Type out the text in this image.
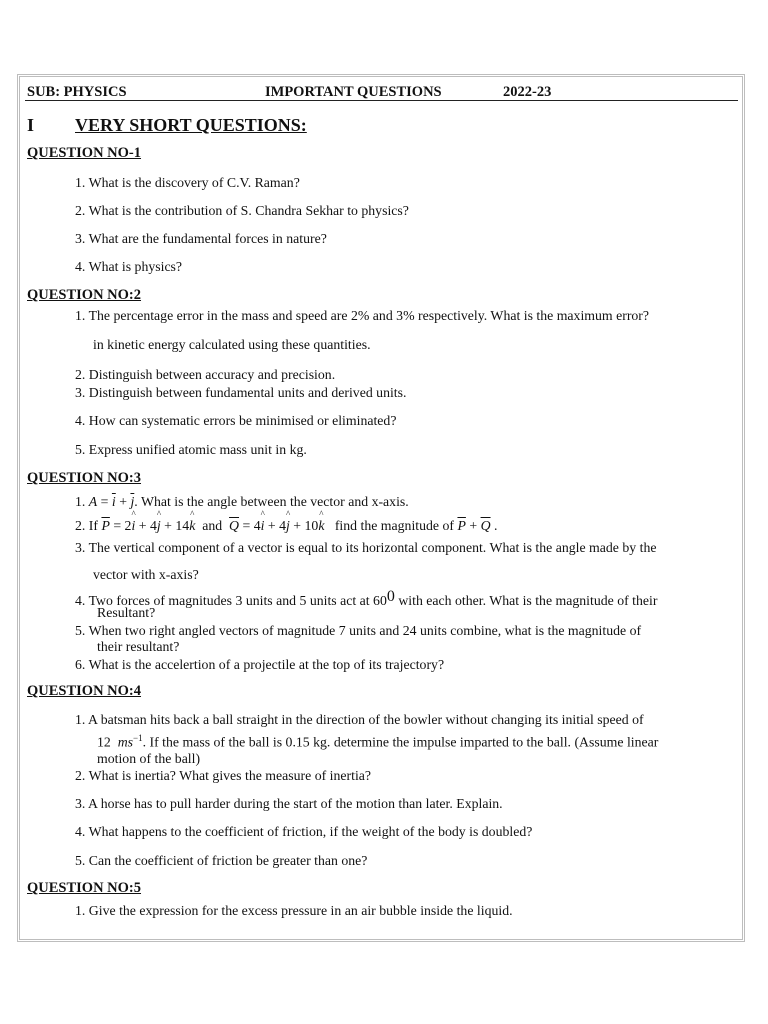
SUB: PHYSICS	IMPORTANT QUESTIONS	2022-23
I VERY SHORT QUESTIONS:
QUESTION NO-1
1. What is the discovery of C.V. Raman?
2. What is the contribution of S. Chandra Sekhar to physics?
3. What are the fundamental forces in nature?
4. What is physics?
QUESTION NO:2
1. The percentage error in the mass and speed are 2% and 3% respectively. What is the maximum error?
in kinetic energy calculated using these quantities.
2. Distinguish between accuracy and precision.
3. Distinguish between fundamental units and derived units.
4. How can systematic errors be minimised or eliminated?
5. Express unified atomic mass unit in kg.
QUESTION NO:3
1. $A = \overline{i} + \overline{j}$. What is the angle between the vector and x-axis.
2. If $\overline{P}$ = 2^ i + 4^ j + 14^ k  and  $\overline{Q}$ = 4^ i + 4^ j + 10^ k find the magnitude of $\overline{P} + \overline{Q}$ .
3. The vertical component of a vector is equal to its horizontal component. What is the angle made by the
vector with x-axis?
4. Two forces of magnitudes 3 units and 5 units act at 600 with each other. What is the magnitude of their
Resultant?
5. When two right angled vectors of magnitude 7 units and 24 units combine, what is the magnitude of
their resultant?
6. What is the accelertion of a projectile at the top of its trajectory?
QUESTION NO:4
1. A batsman hits back a ball straight in the direction of the bowler without changing its initial speed of
12  $ms^{-1}$. If the mass of the ball is 0.15 kg. determine the impulse imparted to the ball. (Assume linear
motion of the ball)
2. What is inertia? What gives the measure of inertia?
3. A horse has to pull harder during the start of the motion than later. Explain.
4. What happens to the coefficient of friction, if the weight of the body is doubled?
5. Can the coefficient of friction be greater than one?
QUESTION NO:5
1. Give the expression for the excess pressure in an air bubble inside the liquid.
